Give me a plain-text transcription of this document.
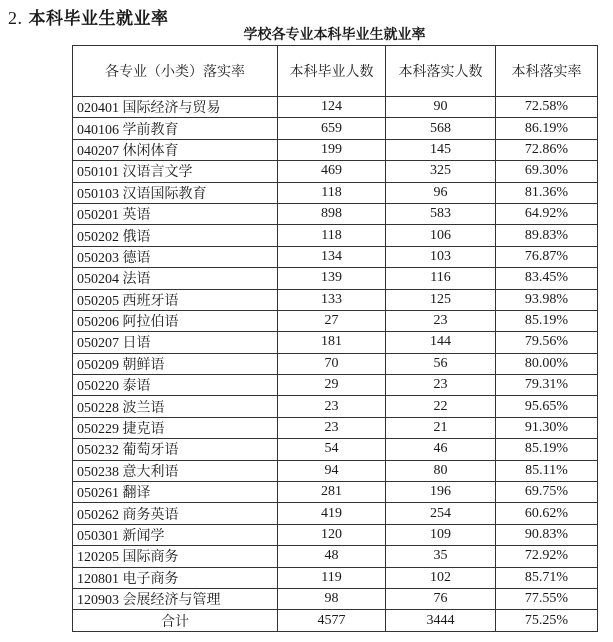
2. 本科毕业生就业率
学校各专业本科毕业生就业率
各专业（小类）落实率	本科毕业人数	本科落实人数	本科落实率
020401 国际经济与贸易	124	90	72.58%
040106 学前教育	659	568	86.19%
040207 休闲体育	199	145	72.86%
050101 汉语言文学	469	325	69.30%
050103 汉语国际教育	118	96	81.36%
050201 英语	898	583	64.92%
050202 俄语	118	106	89.83%
050203 德语	134	103	76.87%
050204 法语	139	116	83.45%
050205 西班牙语	133	125	93.98%
050206 阿拉伯语	27	23	85.19%
050207 日语	181	144	79.56%
050209 朝鲜语	70	56	80.00%
050220 泰语	29	23	79.31%
050228 波兰语	23	22	95.65%
050229 捷克语	23	21	91.30%
050232 葡萄牙语	54	46	85.19%
050238 意大利语	94	80	85.11%
050261 翻译	281	196	69.75%
050262 商务英语	419	254	60.62%
050301 新闻学	120	109	90.83%
120205 国际商务	48	35	72.92%
120801 电子商务	119	102	85.71%
120903 会展经济与管理	98	76	77.55%
合计	4577	3444	75.25%
